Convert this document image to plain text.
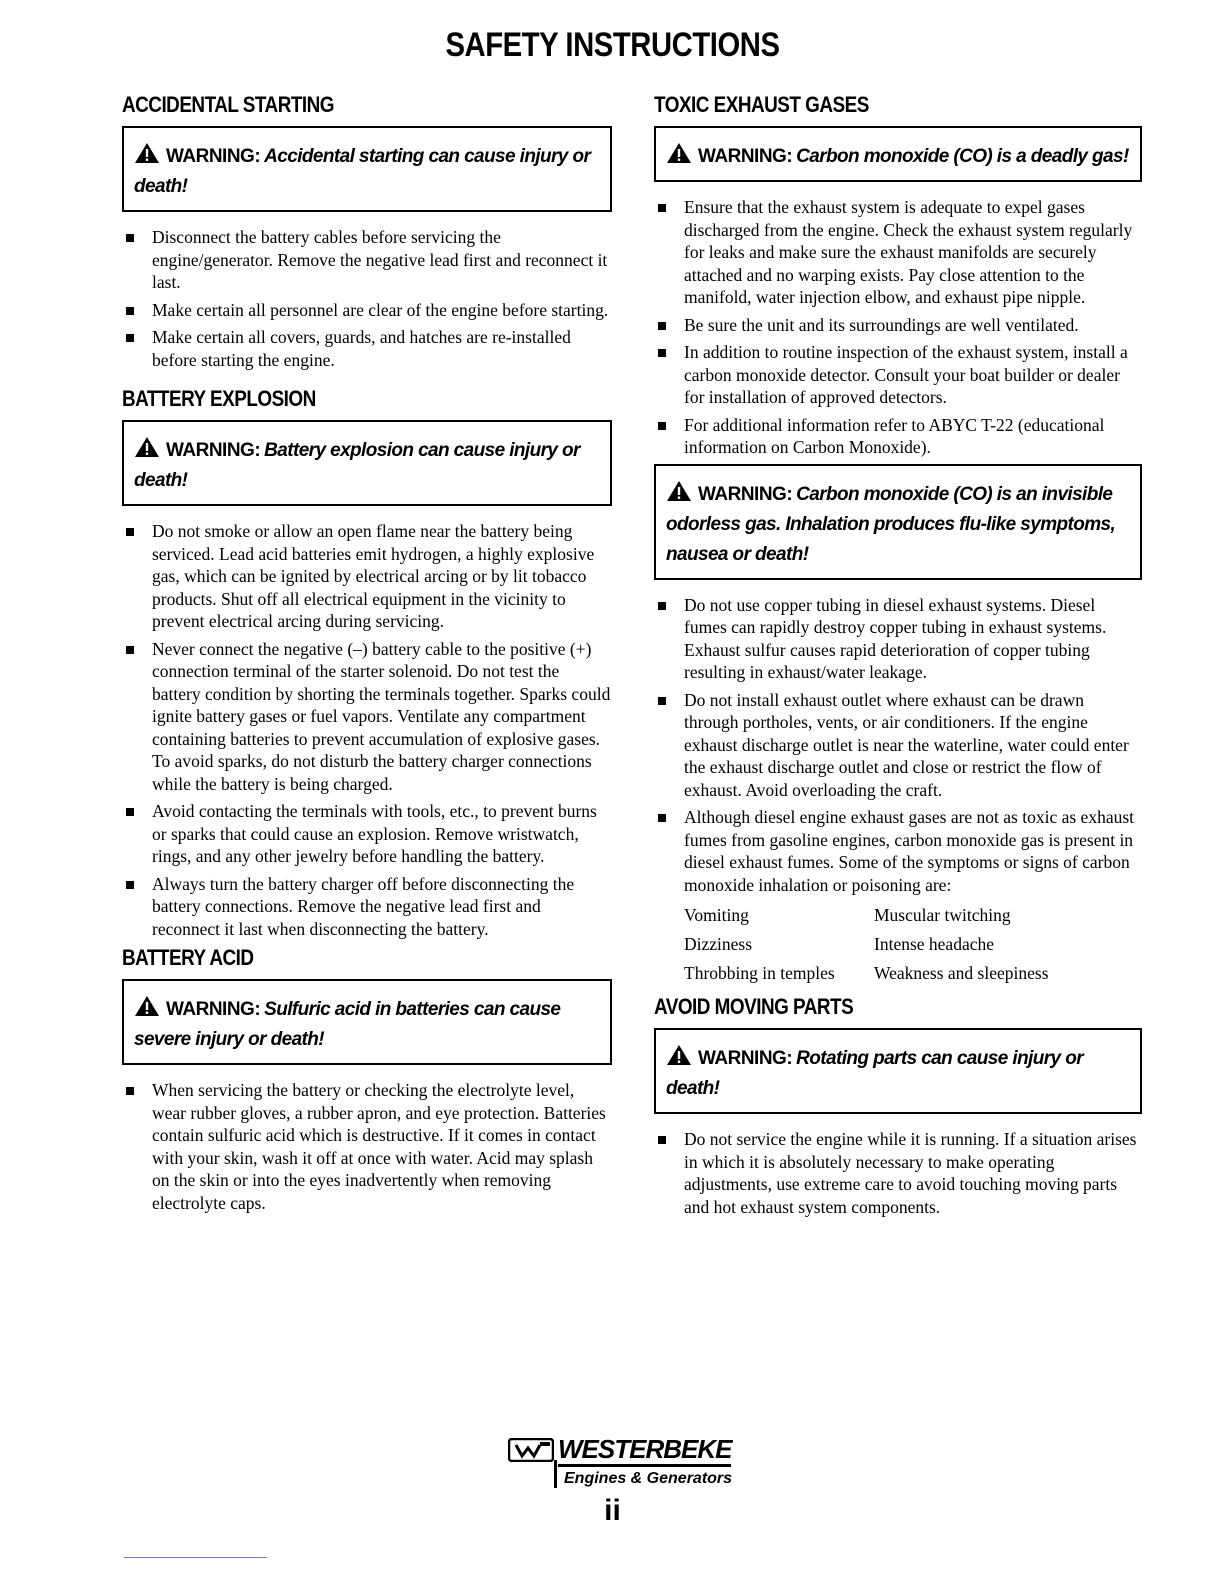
SAFETY INSTRUCTIONS
ACCIDENTAL STARTING
WARNING: Accidental starting can cause injury or death!
Disconnect the battery cables before servicing the engine/generator. Remove the negative lead first and reconnect it last.
Make certain all personnel are clear of the engine before starting.
Make certain all covers, guards, and hatches are re-installed before starting the engine.
BATTERY EXPLOSION
WARNING: Battery explosion can cause injury or death!
Do not smoke or allow an open flame near the battery being serviced. Lead acid batteries emit hydrogen, a highly explosive gas, which can be ignited by electrical arcing or by lit tobacco products. Shut off all electrical equipment in the vicinity to prevent electrical arcing during servicing.
Never connect the negative (–) battery cable to the positive (+) connection terminal of the starter solenoid. Do not test the battery condition by shorting the terminals together. Sparks could ignite battery gases or fuel vapors. Ventilate any compartment containing batteries to prevent accumulation of explosive gases. To avoid sparks, do not disturb the battery charger connections while the battery is being charged.
Avoid contacting the terminals with tools, etc., to prevent burns or sparks that could cause an explosion. Remove wristwatch, rings, and any other jewelry before handling the battery.
Always turn the battery charger off before disconnecting the battery connections. Remove the negative lead first and reconnect it last when disconnecting the battery.
BATTERY ACID
WARNING: Sulfuric acid in batteries can cause severe injury or death!
When servicing the battery or checking the electrolyte level, wear rubber gloves, a rubber apron, and eye protection. Batteries contain sulfuric acid which is destructive. If it comes in contact with your skin, wash it off at once with water. Acid may splash on the skin or into the eyes inadvertently when removing electrolyte caps.
TOXIC EXHAUST GASES
WARNING: Carbon monoxide (CO) is a deadly gas!
Ensure that the exhaust system is adequate to expel gases discharged from the engine. Check the exhaust system regularly for leaks and make sure the exhaust manifolds are securely attached and no warping exists. Pay close attention to the manifold, water injection elbow, and exhaust pipe nipple.
Be sure the unit and its surroundings are well ventilated.
In addition to routine inspection of the exhaust system, install a carbon monoxide detector. Consult your boat builder or dealer for installation of approved detectors.
For additional information refer to ABYC T-22 (educational information on Carbon Monoxide).
WARNING: Carbon monoxide (CO) is an invisible odorless gas. Inhalation produces flu-like symptoms, nausea or death!
Do not use copper tubing in diesel exhaust systems. Diesel fumes can rapidly destroy copper tubing in exhaust systems. Exhaust sulfur causes rapid deterioration of copper tubing resulting in exhaust/water leakage.
Do not install exhaust outlet where exhaust can be drawn through portholes, vents, or air conditioners. If the engine exhaust discharge outlet is near the waterline, water could enter the exhaust discharge outlet and close or restrict the flow of exhaust. Avoid overloading the craft.
Although diesel engine exhaust gases are not as toxic as exhaust fumes from gasoline engines, carbon monoxide gas is present in diesel exhaust fumes. Some of the symptoms or signs of carbon monoxide inhalation or poisoning are:
Vomiting	Muscular twitching
Dizziness	Intense headache
Throbbing in temples	Weakness and sleepiness
AVOID MOVING PARTS
WARNING: Rotating parts can cause injury or death!
Do not service the engine while it is running. If a situation arises in which it is absolutely necessary to make operating adjustments, use extreme care to avoid touching moving parts and hot exhaust system components.
WESTERBEKE
Engines & Generators
ii
